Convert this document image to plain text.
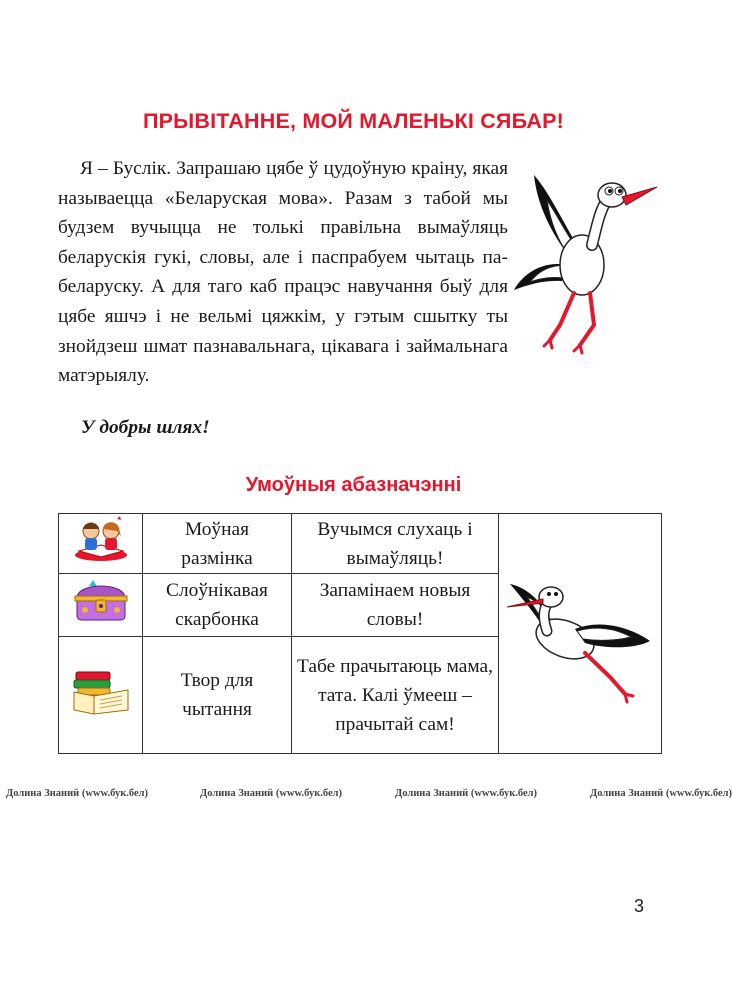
ПРЫВІТАННЕ, МОЙ МАЛЕНЬКІ СЯБАР!

Я – Буслік. Запрашаю цябе ў цудоўную краіну, якая называецца «Беларуская мова». Разам з табой мы будзем вучыцца не толькі правільна вымаўляць беларускія гукі, словы, але і паспрабуем чытаць па-беларуску. А для таго каб працэс навучання быў для цябе яшчэ і не вельмі цяжкім, у гэтым сшытку ты знойдзеш шмат пазнавальнага, цікавага і займальнага матэрыялу.

У добры шлях!

Умоўныя абазначэнні
	Моўная размінка	Вучымся слухаць і вымаўляць!	

	Слоўнікавая скарбонка	Запамінаем новыя словы!	
	Твор для чытання	Табе прачытаюць мама, тата. Калі ўмееш – прачытай сам!	
Долина Знаний (www.бук.бел)	Долина Знаний (www.бук.бел)	Долина Знаний (www.бук.бел)	Долина Знаний (www.бук.бел)

3
